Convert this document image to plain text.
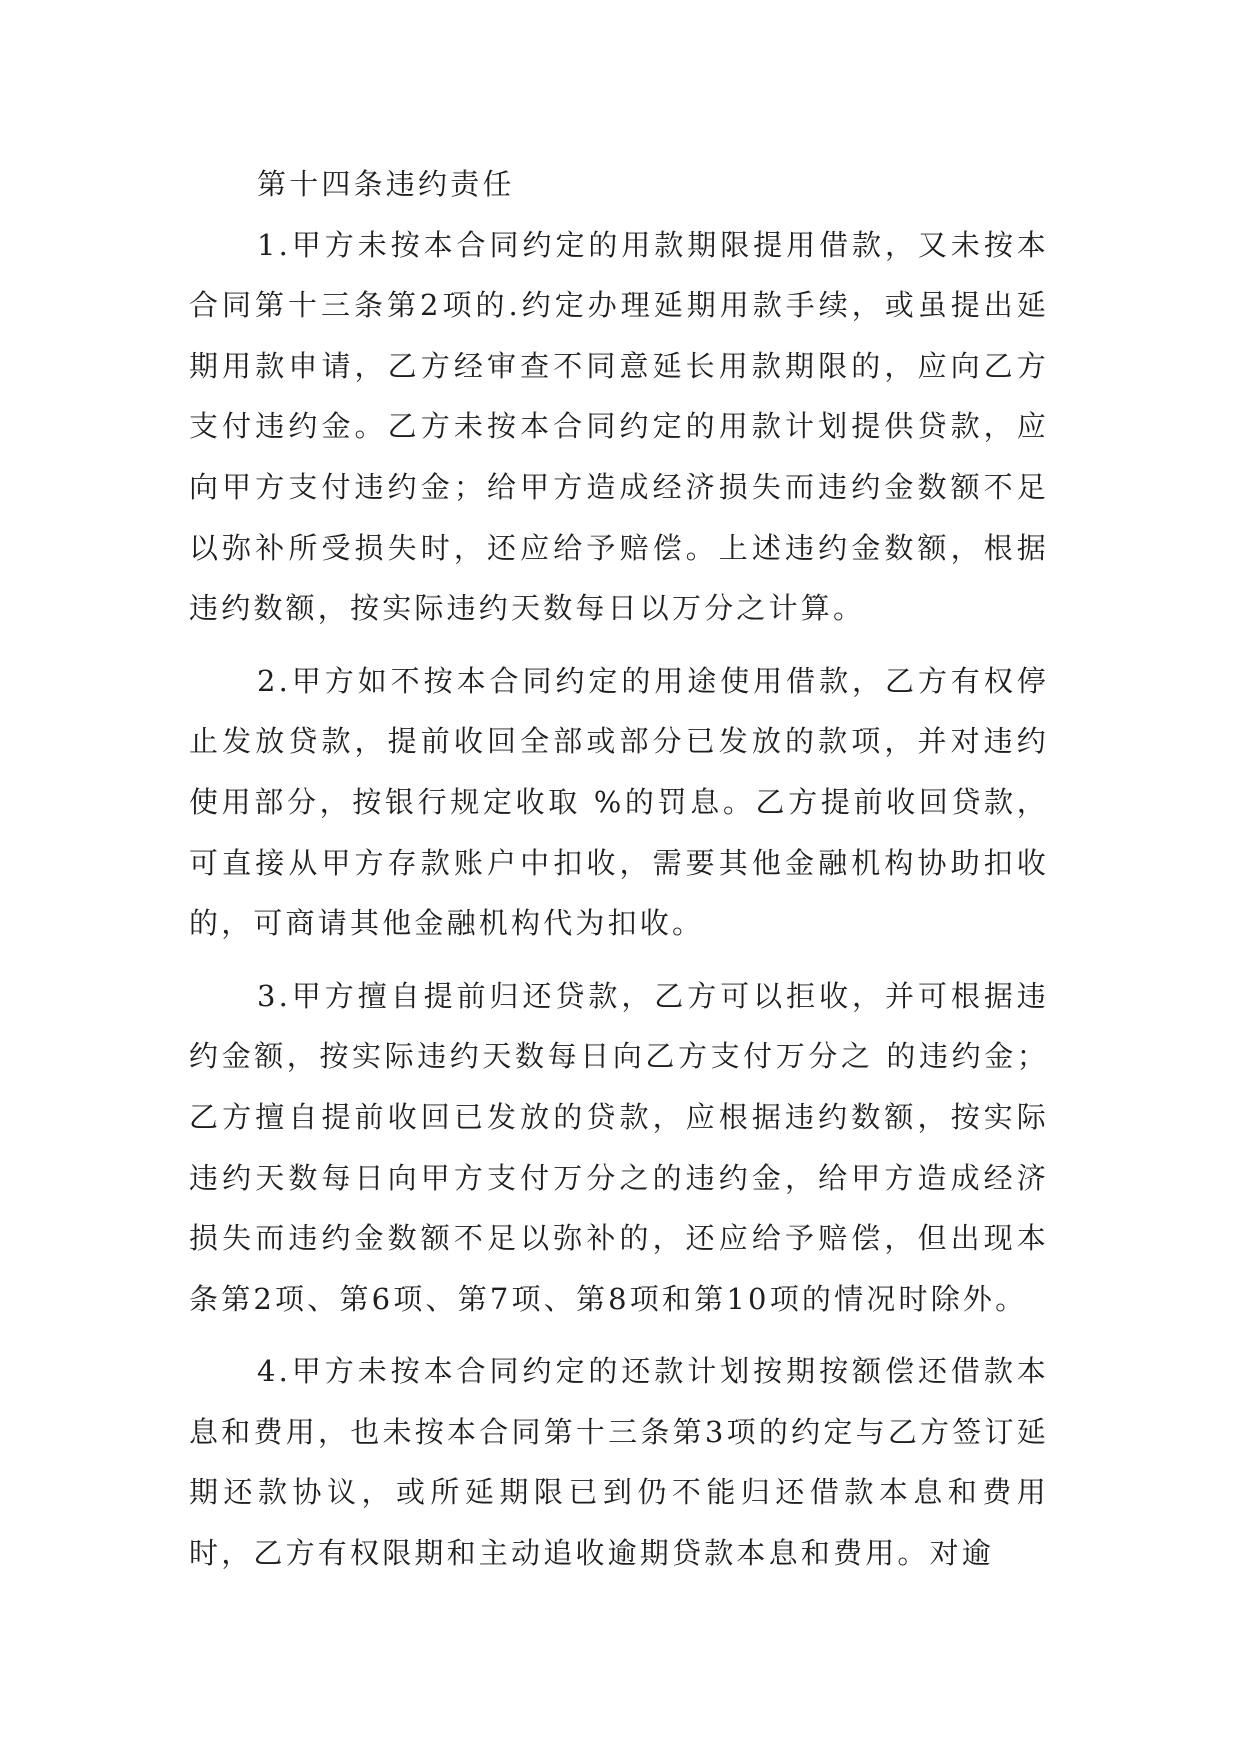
第十四条违约责任

1.甲方未按本合同约定的用款期限提用借款，又未按本合同第十三条第2项的.约定办理延期用款手续，或虽提出延期用款申请，乙方经审查不同意延长用款期限的，应向乙方支付违约金。乙方未按本合同约定的用款计划提供贷款，应向甲方支付违约金；给甲方造成经济损失而违约金数额不足以弥补所受损失时，还应给予赔偿。上述违约金数额，根据违约数额，按实际违约天数每日以万分之计算。

2.甲方如不按本合同约定的用途使用借款，乙方有权停止发放贷款，提前收回全部或部分已发放的款项，并对违约使用部分，按银行规定收取 %的罚息。乙方提前收回贷款，可直接从甲方存款账户中扣收，需要其他金融机构协助扣收的，可商请其他金融机构代为扣收。

3.甲方擅自提前归还贷款，乙方可以拒收，并可根据违约金额，按实际违约天数每日向乙方支付万分之 的违约金；乙方擅自提前收回已发放的贷款，应根据违约数额，按实际违约天数每日向甲方支付万分之的违约金，给甲方造成经济损失而违约金数额不足以弥补的，还应给予赔偿，但出现本条第2项、第6项、第7项、第8项和第10项的情况时除外。

4.甲方未按本合同约定的还款计划按期按额偿还借款本息和费用，也未按本合同第十三条第3项的约定与乙方签订延期还款协议，或所延期限已到仍不能归还借款本息和费用时，乙方有权限期和主动追收逾期贷款本息和费用。对逾
